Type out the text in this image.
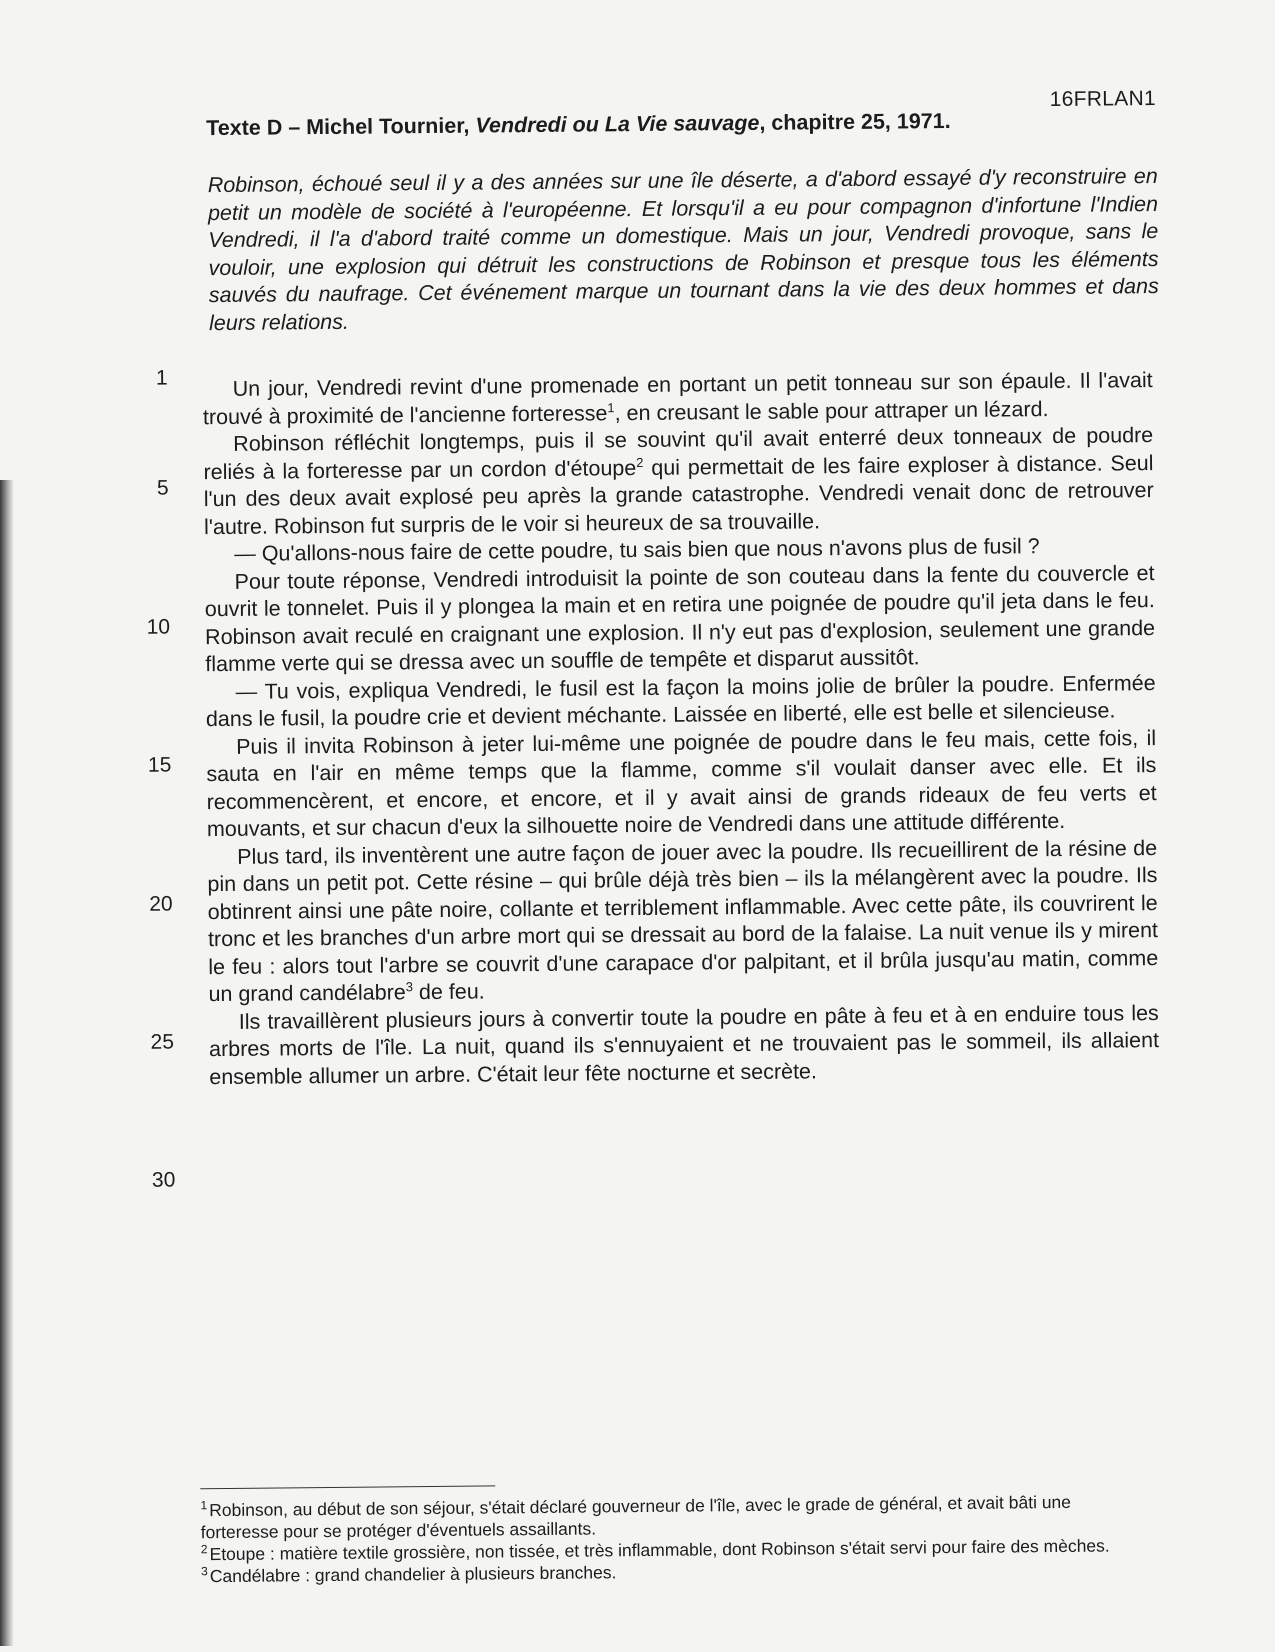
16FRLAN1
Texte D – Michel Tournier, Vendredi ou La Vie sauvage, chapitre 25, 1971.
Robinson, échoué seul il y a des années sur une île déserte, a d'abord essayé d'y reconstruire en petit un modèle de société à l'européenne. Et lorsqu'il a eu pour compagnon d'infortune l'Indien Vendredi, il l'a d'abord traité comme un domestique. Mais un jour, Vendredi provoque, sans le vouloir, une explosion qui détruit les constructions de Robinson et presque tous les éléments sauvés du naufrage. Cet événement marque un tournant dans la vie des deux hommes et dans leurs relations.
1
5
10
15
20
25
30

Un jour, Vendredi revint d'une promenade en portant un petit tonneau sur son épaule. Il l'avait trouvé à proximité de l'ancienne forteresse$^1$, en creusant le sable pour attraper un lézard.

Robinson réfléchit longtemps, puis il se souvint qu'il avait enterré deux tonneaux de poudre reliés à la forteresse par un cordon d'étoupe$^2$ qui permettait de les faire exploser à distance. Seul l'un des deux avait explosé peu après la grande catastrophe. Vendredi venait donc de retrouver l'autre. Robinson fut surpris de le voir si heureux de sa trouvaille.

— Qu'allons-nous faire de cette poudre, tu sais bien que nous n'avons plus de fusil ?

Pour toute réponse, Vendredi introduisit la pointe de son couteau dans la fente du couvercle et ouvrit le tonnelet. Puis il y plongea la main et en retira une poignée de poudre qu'il jeta dans le feu. Robinson avait reculé en craignant une explosion. Il n'y eut pas d'explosion, seulement une grande flamme verte qui se dressa avec un souffle de tempête et disparut aussitôt.

— Tu vois, expliqua Vendredi, le fusil est la façon la moins jolie de brûler la poudre. Enfermée dans le fusil, la poudre crie et devient méchante. Laissée en liberté, elle est belle et silencieuse.

Puis il invita Robinson à jeter lui-même une poignée de poudre dans le feu mais, cette fois, il sauta en l'air en même temps que la flamme, comme s'il voulait danser avec elle. Et ils recommencèrent, et encore, et encore, et il y avait ainsi de grands rideaux de feu verts et mouvants, et sur chacun d'eux la silhouette noire de Vendredi dans une attitude différente.

Plus tard, ils inventèrent une autre façon de jouer avec la poudre. Ils recueillirent de la résine de pin dans un petit pot. Cette résine – qui brûle déjà très bien – ils la mélangèrent avec la poudre. Ils obtinrent ainsi une pâte noire, collante et terriblement inflammable. Avec cette pâte, ils couvrirent le tronc et les branches d'un arbre mort qui se dressait au bord de la falaise. La nuit venue ils y mirent le feu : alors tout l'arbre se couvrit d'une carapace d'or palpitant, et il brûla jusqu'au matin, comme un grand candélabre$^3$ de feu.

Ils travaillèrent plusieurs jours à convertir toute la poudre en pâte à feu et à en enduire tous les arbres morts de l'île. La nuit, quand ils s'ennuyaient et ne trouvaient pas le sommeil, ils allaient ensemble allumer un arbre. C'était leur fête nocturne et secrète.

$^1$ Robinson, au début de son séjour, s'était déclaré gouverneur de l'île, avec le grade de général, et avait bâti une forteresse pour se protéger d'éventuels assaillants.

$^2$ Etoupe : matière textile grossière, non tissée, et très inflammable, dont Robinson s'était servi pour faire des mèches.

$^3$ Candélabre : grand chandelier à plusieurs branches.
